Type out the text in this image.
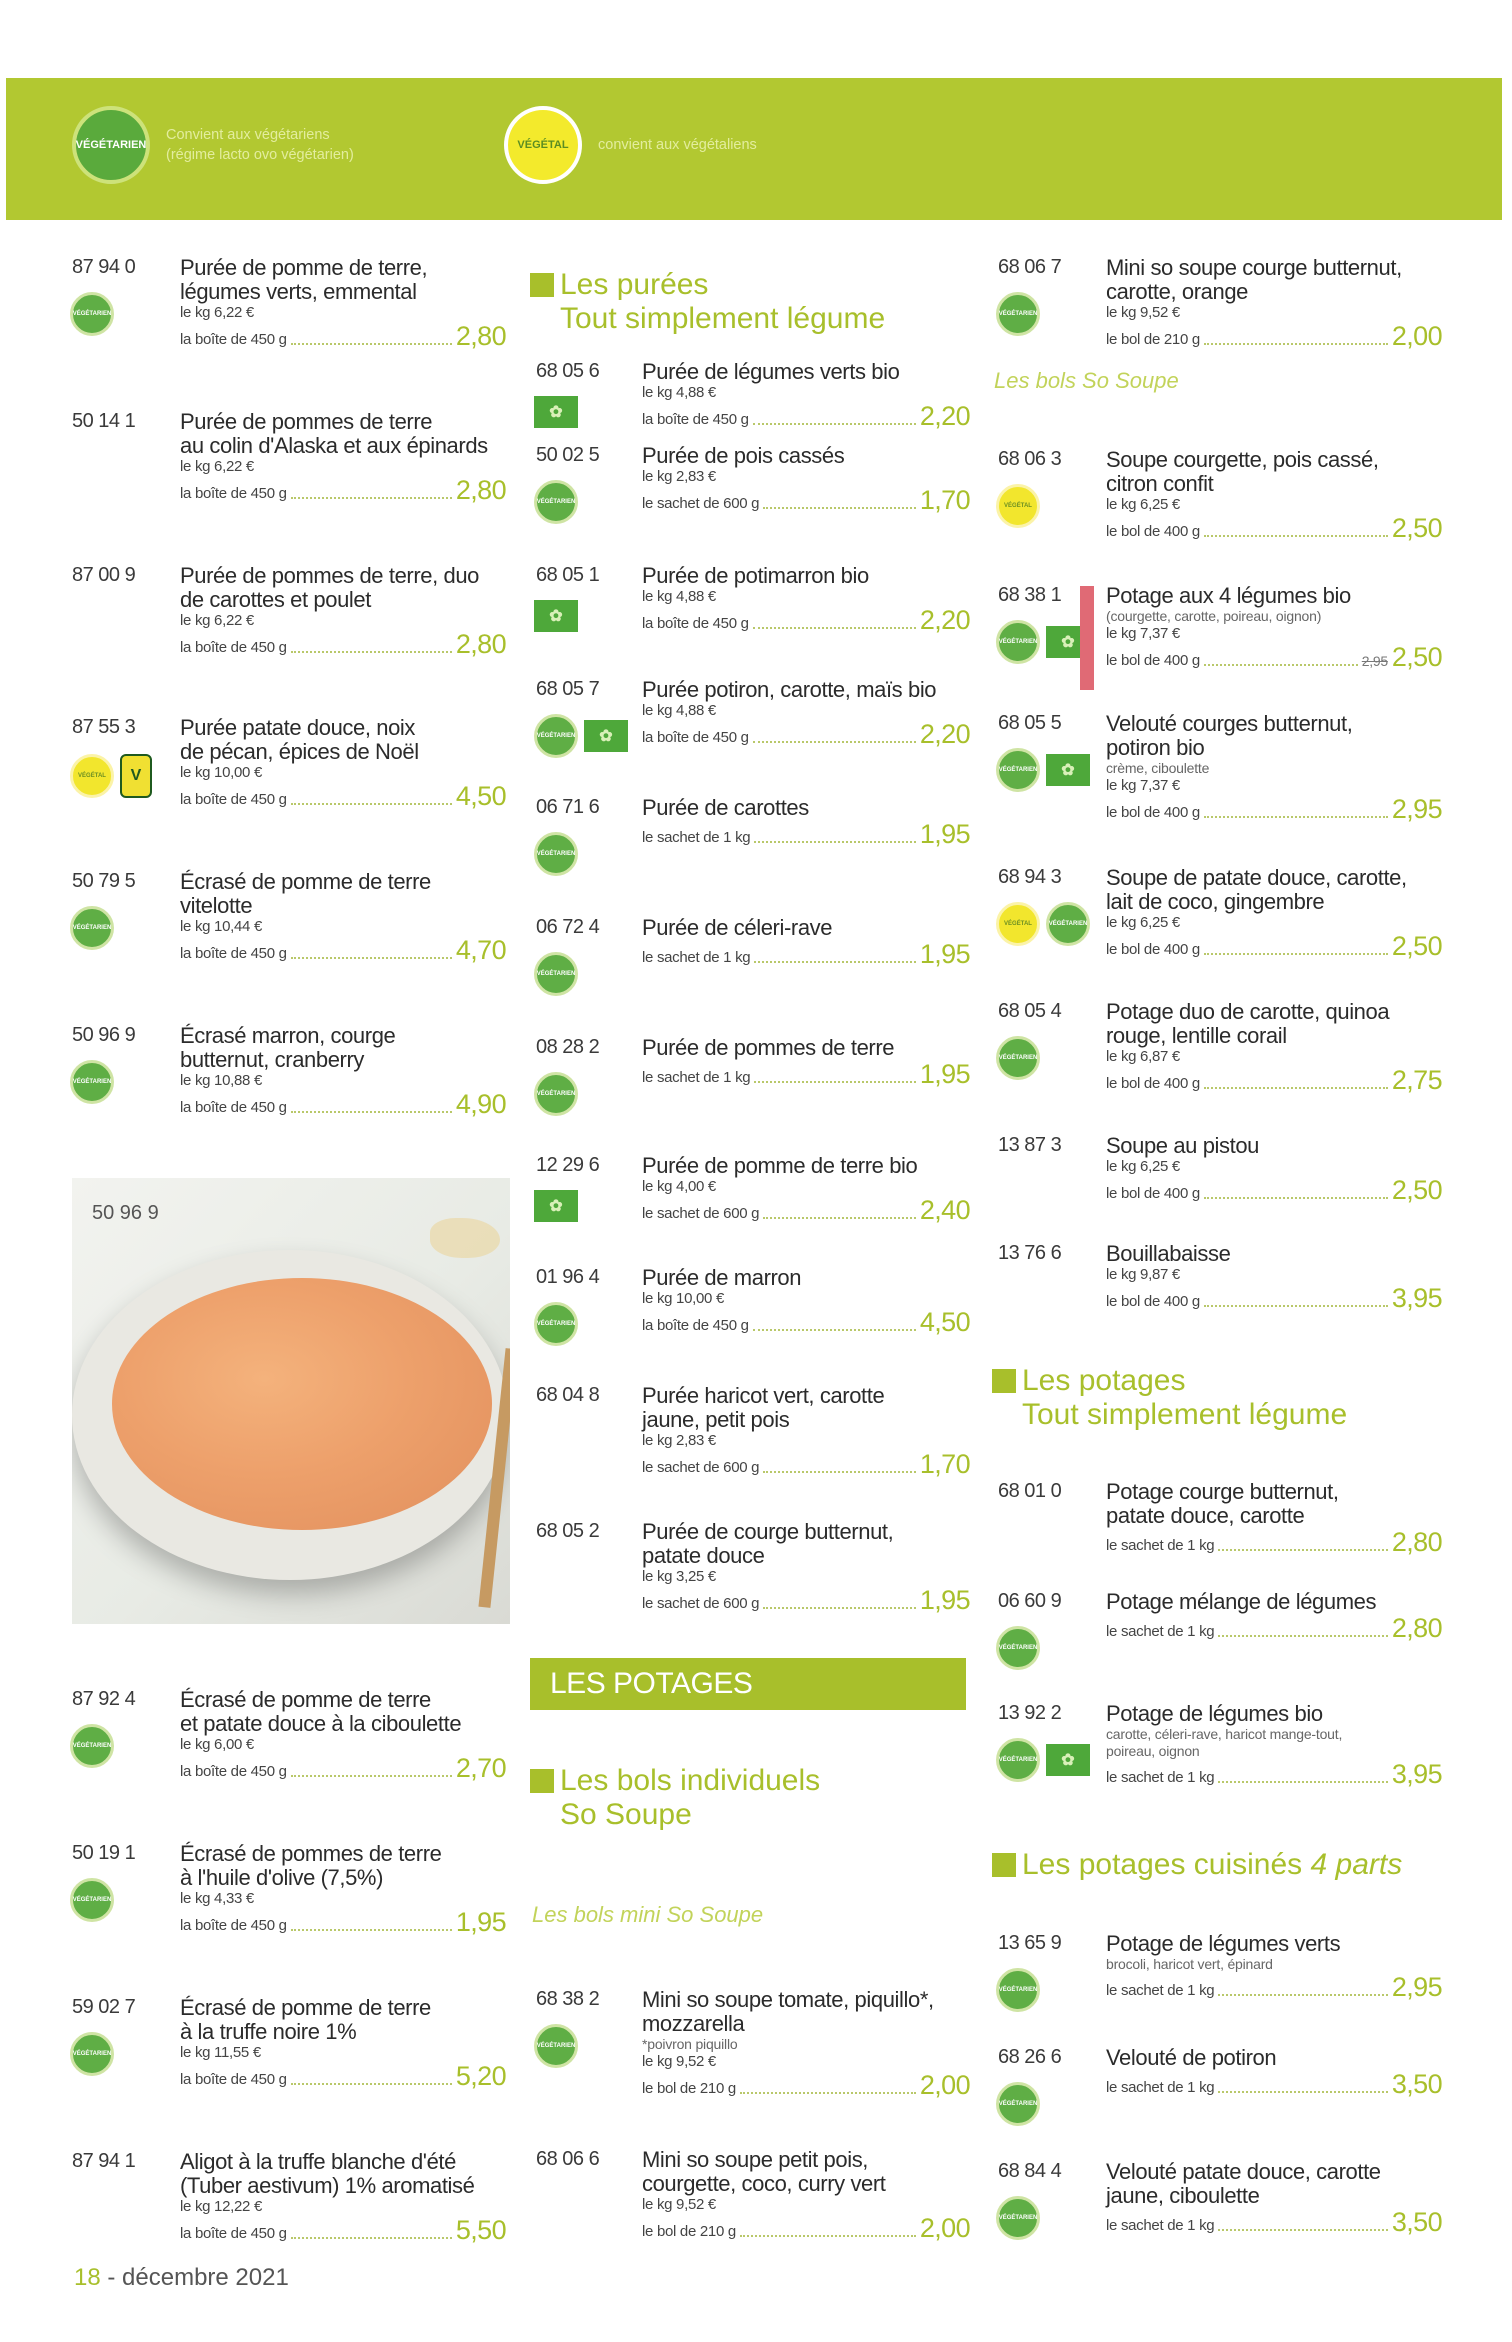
VÉGÉTARIEN
Convient aux végétariens
(régime lacto ovo végétarien)
VÉGÉTAL convient aux végétaliens
87 94 0
VÉGÉTARIEN
Purée de pomme de terre,
légumes verts, emmental
le kg 6,22 €
la boîte de 450 g	2,80
50 14 1 Purée de pommes de terre
au colin d'Alaska et aux épinards
le kg 6,22 €
la boîte de 450 g	2,80
87 00 9 Purée de pommes de terre, duo
de carottes et poulet
le kg 6,22 €
la boîte de 450 g	2,80
87 55 3
VÉGÉTAL	V
Purée patate douce, noix
de pécan, épices de Noël
le kg 10,00 €
la boîte de 450 g	4,50
50 79 5
VÉGÉTARIEN
Écrasé de pomme de terre
vitelotte
le kg 10,44 €
la boîte de 450 g	4,70
50 96 9
VÉGÉTARIEN
Écrasé marron, courge
butternut, cranberry
le kg 10,88 €
la boîte de 450 g	4,90
87 92 4
VÉGÉTARIEN
Écrasé de pomme de terre
et patate douce à la ciboulette
le kg 6,00 €
la boîte de 450 g	2,70
50 19 1
VÉGÉTARIEN
Écrasé de pommes de terre
à l'huile d'olive (7,5%)
le kg 4,33 €
la boîte de 450 g	1,95
59 02 7
VÉGÉTARIEN
Écrasé de pomme de terre
à la truffe noire 1%
le kg 11,55 €
la boîte de 450 g	5,20
87 94 1 Aligot à la truffe blanche d'été
(Tuber aestivum) 1% aromatisé
le kg 12,22 €
la boîte de 450 g	5,50
50 96 9
Les purées
Tout simplement légume
68 05 6
✿
Purée de légumes verts bio
le kg 4,88 €
la boîte de 450 g	2,20
50 02 5
VÉGÉTARIEN
Purée de pois cassés
le kg 2,83 €
le sachet de 600 g	1,70
68 05 1
✿
Purée de potimarron bio
le kg 4,88 €
la boîte de 450 g	2,20
68 05 7
VÉGÉTARIEN	✿
Purée potiron, carotte, maïs bio
le kg 4,88 €
la boîte de 450 g	2,20
06 71 6
VÉGÉTARIEN
Purée de carottes
le sachet de 1 kg	1,95
06 72 4
VÉGÉTARIEN
Purée de céleri-rave
le sachet de 1 kg	1,95
08 28 2
VÉGÉTARIEN
Purée de pommes de terre
le sachet de 1 kg	1,95
12 29 6
✿
Purée de pomme de terre bio
le kg 4,00 €
le sachet de 600 g	2,40
01 96 4
VÉGÉTARIEN
Purée de marron
le kg 10,00 €
la boîte de 450 g	4,50
68 04 8 Purée haricot vert, carotte
jaune, petit pois
le kg 2,83 €
le sachet de 600 g	1,70
68 05 2 Purée de courge butternut,
patate douce
le kg 3,25 €
le sachet de 600 g	1,95
LES POTAGES
Les bols individuels
So Soupe
Les bols mini So Soupe
68 38 2
VÉGÉTARIEN
Mini so soupe tomate, piquillo*,
mozzarella
*poivron piquillo
le kg 9,52 €
le bol de 210 g	2,00
68 06 6 Mini so soupe petit pois,
courgette, coco, curry vert
le kg 9,52 €
le bol de 210 g	2,00
68 06 7
VÉGÉTARIEN
Mini so soupe courge butternut,
carotte, orange
le kg 9,52 €
le bol de 210 g	2,00
Les bols So Soupe
68 06 3
VÉGÉTAL
Soupe courgette, pois cassé,
citron confit
le kg 6,25 €
le bol de 400 g	2,50
68 38 1
VÉGÉTARIEN	✿
Potage aux 4 légumes bio
(courgette, carotte, poireau, oignon)
le kg 7,37 €
le bol de 400 g	2,95 2,50
68 05 5
VÉGÉTARIEN	✿
Velouté courges butternut,
potiron bio
crème, ciboulette
le kg 7,37 €
le bol de 400 g	2,95
68 94 3
VÉGÉTAL	VÉGÉTARIEN
Soupe de patate douce, carotte,
lait de coco, gingembre
le kg 6,25 €
le bol de 400 g	2,50
68 05 4
VÉGÉTARIEN
Potage duo de carotte, quinoa
rouge, lentille corail
le kg 6,87 €
le bol de 400 g	2,75
13 87 3 Soupe au pistou
le kg 6,25 €
le bol de 400 g	2,50
13 76 6 Bouillabaisse
le kg 9,87 €
le bol de 400 g	3,95
Les potages
Tout simplement légume
68 01 0 Potage courge butternut,
patate douce, carotte
le sachet de 1 kg	2,80
06 60 9
VÉGÉTARIEN
Potage mélange de légumes
le sachet de 1 kg	2,80
13 92 2
VÉGÉTARIEN	✿
Potage de légumes bio
carotte, céleri-rave, haricot mange-tout, poireau, oignon
le sachet de 1 kg	3,95
Les potages cuisinés
4 parts
13 65 9
VÉGÉTARIEN
Potage de légumes verts
brocoli, haricot vert, épinard
le sachet de 1 kg	2,95
68 26 6
VÉGÉTARIEN
Velouté de potiron
le sachet de 1 kg	3,50
68 84 4
VÉGÉTARIEN
Velouté patate douce, carotte
jaune, ciboulette
le sachet de 1 kg	3,50
18 - décembre 2021
